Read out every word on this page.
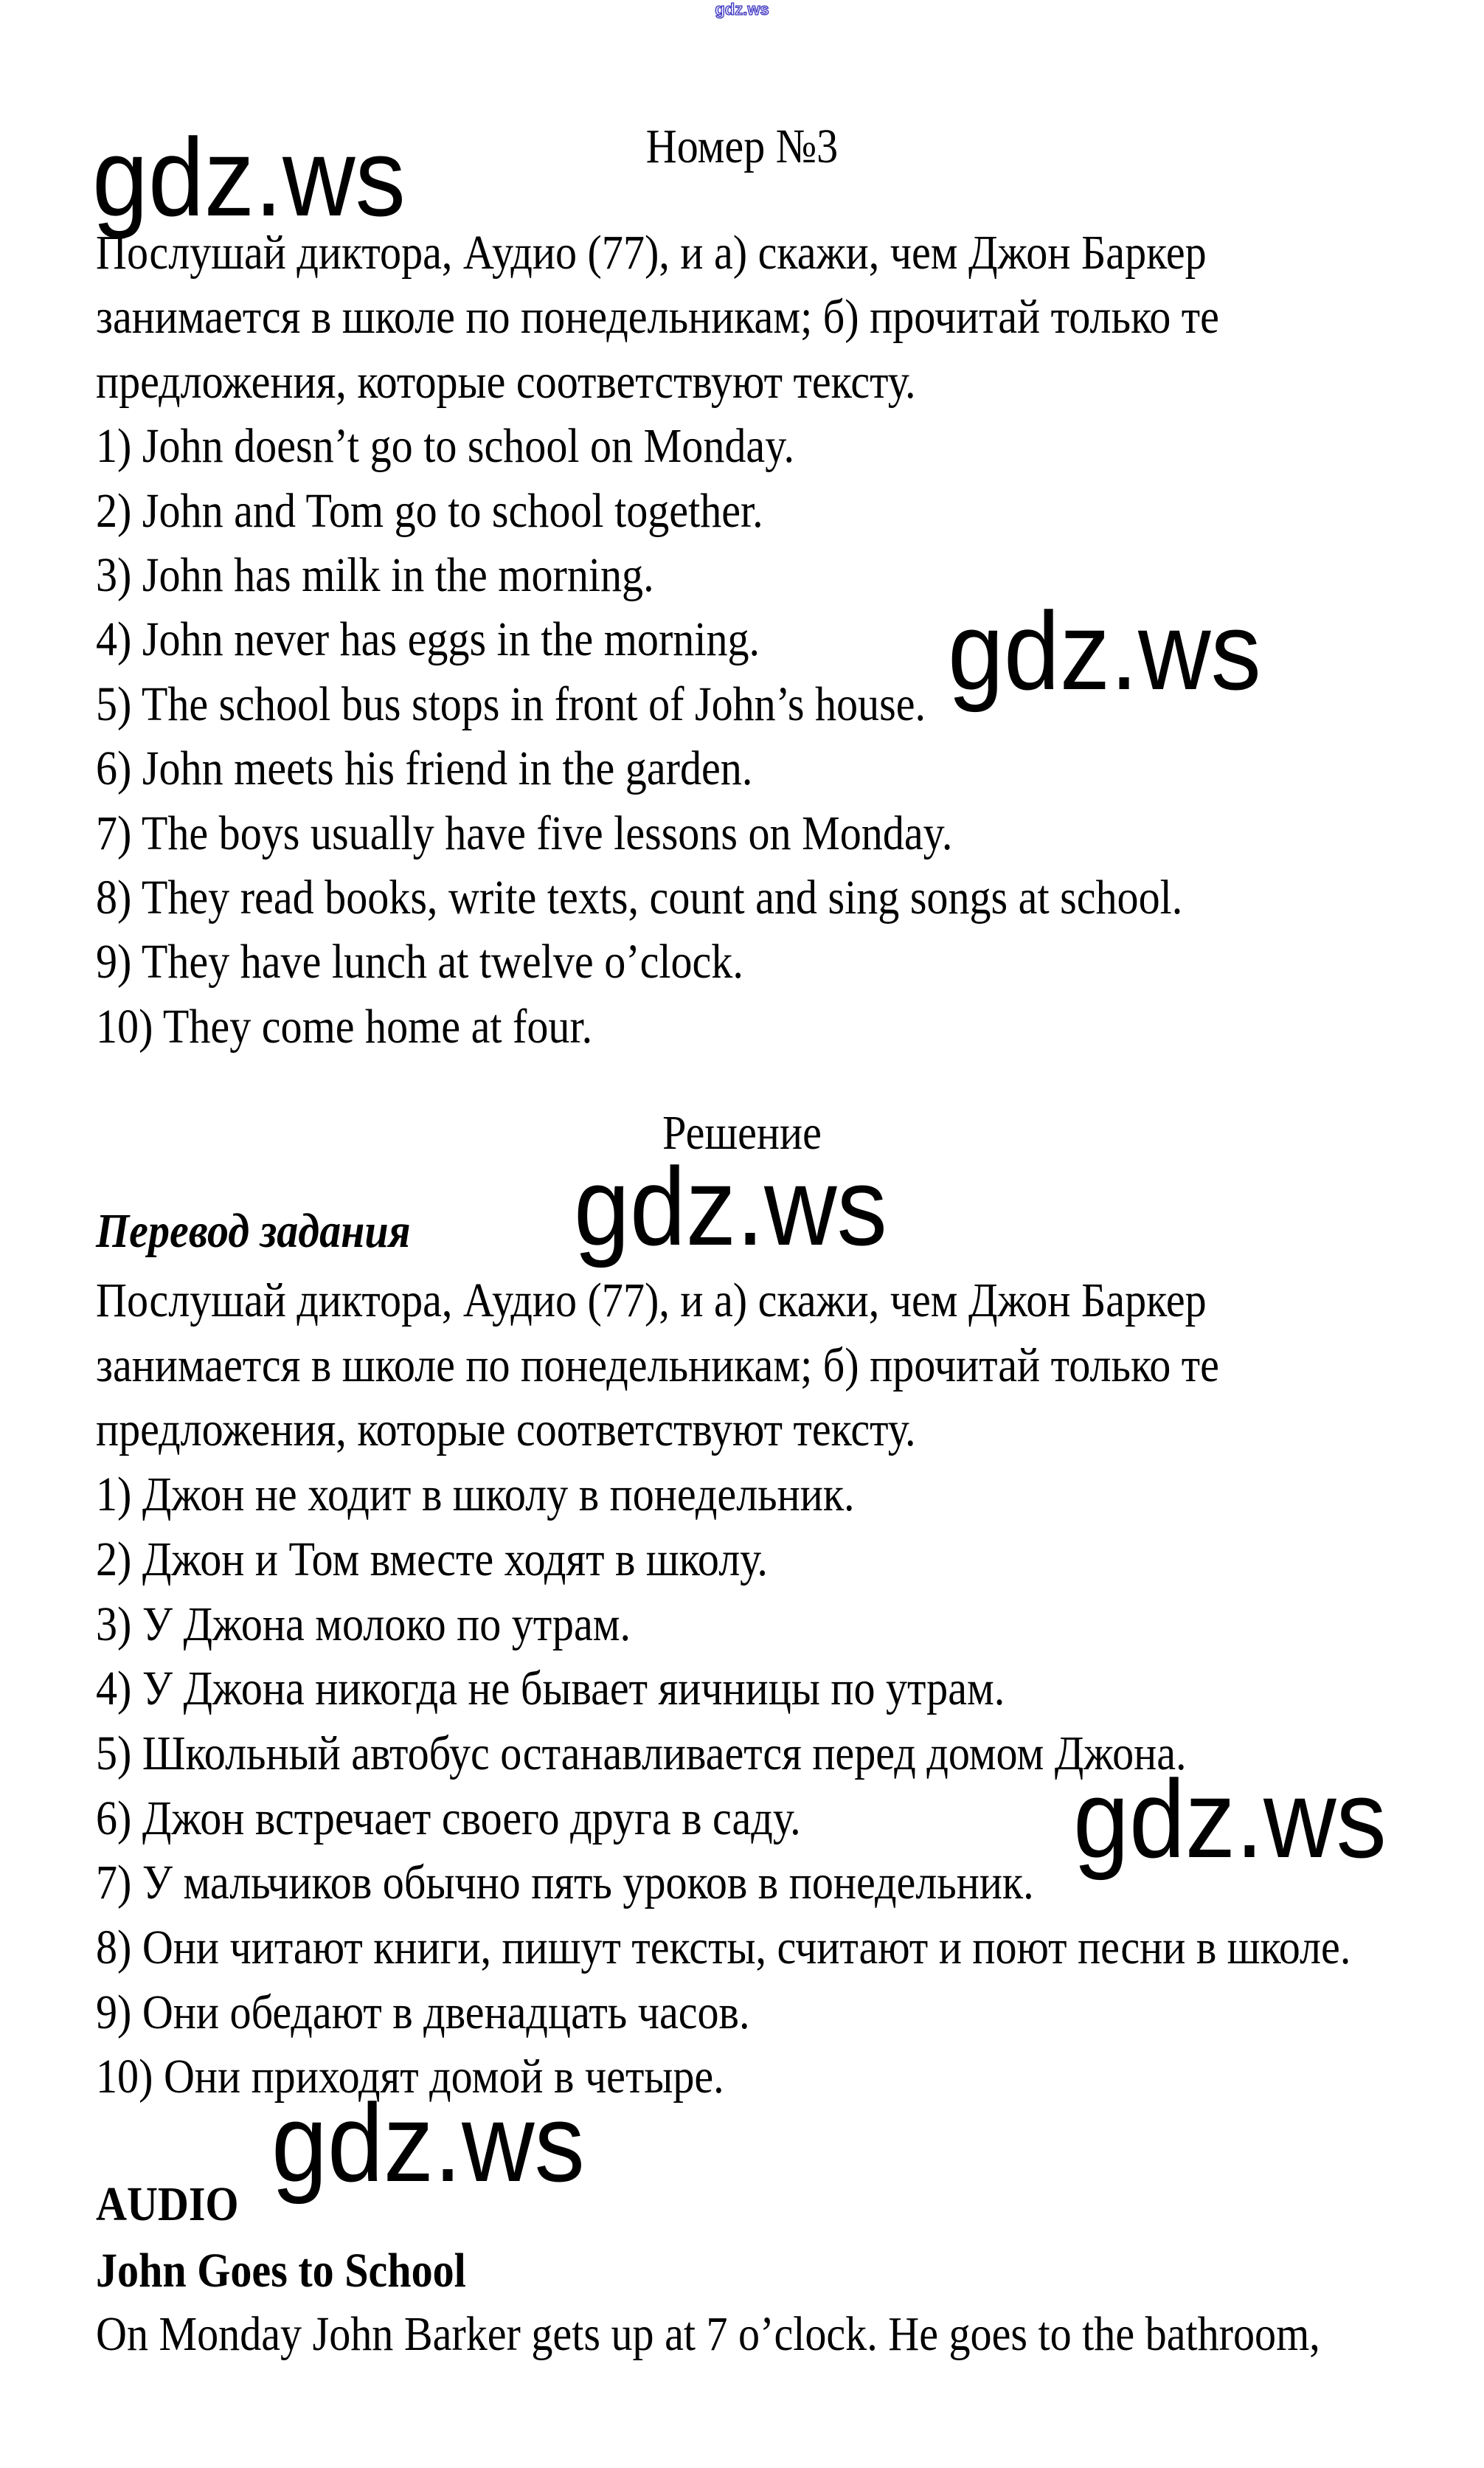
gdz.ws
gdz.ws
gdz.ws
gdz.ws
gdz.ws
gdz.ws
Номер №3
Послушай диктора, Аудио (77), и а) скажи, чем Джон Баркер
занимается в школе по понедельникам; б) прочитай только те
предложения, которые соответствуют тексту.
1) John doesn’t go to school on Monday.
2) John and Tom go to school together.
3) John has milk in the morning.
4) John never has eggs in the morning.
5) The school bus stops in front of John’s house.
6) John meets his friend in the garden.
7) The boys usually have five lessons on Monday.
8) They read books, write texts, count and sing songs at school.
9) They have lunch at twelve o’clock.
10) They come home at four.
Решение
Перевод задания
Послушай диктора, Аудио (77), и а) скажи, чем Джон Баркер
занимается в школе по понедельникам; б) прочитай только те
предложения, которые соответствуют тексту.
1) Джон не ходит в школу в понедельник.
2) Джон и Том вместе ходят в школу.
3) У Джона молоко по утрам.
4) У Джона никогда не бывает яичницы по утрам.
5) Школьный автобус останавливается перед домом Джона.
6) Джон встречает своего друга в саду.
7) У мальчиков обычно пять уроков в понедельник.
8) Они читают книги, пишут тексты, считают и поют песни в школе.
9) Они обедают в двенадцать часов.
10) Они приходят домой в четыре.
AUDIO
John Goes to School
On Monday John Barker gets up at 7 o’clock. He goes to the bathroom,
